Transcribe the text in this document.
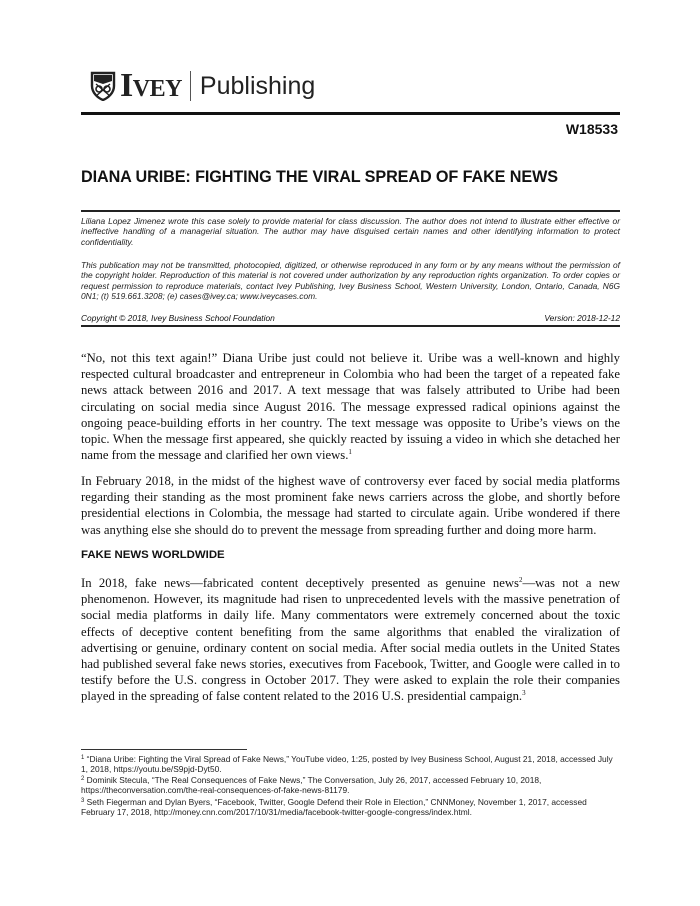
Ivey Publishing
W18533
DIANA URIBE: FIGHTING THE VIRAL SPREAD OF FAKE NEWS
Liliana Lopez Jimenez wrote this case solely to provide material for class discussion. The author does not intend to illustrate either effective or ineffective handling of a managerial situation. The author may have disguised certain names and other identifying information to protect confidentiality.
This publication may not be transmitted, photocopied, digitized, or otherwise reproduced in any form or by any means without the permission of the copyright holder. Reproduction of this material is not covered under authorization by any reproduction rights organization. To order copies or request permission to reproduce materials, contact Ivey Publishing, Ivey Business School, Western University, London, Ontario, Canada, N6G 0N1; (t) 519.661.3208; (e) cases@ivey.ca; www.iveycases.com.
Copyright © 2018, Ivey Business School Foundation	Version: 2018-12-12
“No, not this text again!” Diana Uribe just could not believe it. Uribe was a well-known and highly respected cultural broadcaster and entrepreneur in Colombia who had been the target of a repeated fake news attack between 2016 and 2017. A text message that was falsely attributed to Uribe had been circulating on social media since August 2016. The message expressed radical opinions against the ongoing peace-building efforts in her country. The text message was opposite to Uribe’s views on the topic. When the message first appeared, she quickly reacted by issuing a video in which she detached her name from the message and clarified her own views.$^1$
In February 2018, in the midst of the highest wave of controversy ever faced by social media platforms regarding their standing as the most prominent fake news carriers across the globe, and shortly before presidential elections in Colombia, the message had started to circulate again. Uribe wondered if there was anything else she should do to prevent the message from spreading further and doing more harm.
FAKE NEWS WORLDWIDE
In 2018, fake news—fabricated content deceptively presented as genuine news$^2$—was not a new phenomenon. However, its magnitude had risen to unprecedented levels with the massive penetration of social media platforms in daily life. Many commentators were extremely concerned about the toxic effects of deceptive content benefiting from the same algorithms that enabled the viralization of advertising or genuine, ordinary content on social media. After social media outlets in the United States had published several fake news stories, executives from Facebook, Twitter, and Google were called in to testify before the U.S. congress in October 2017. They were asked to explain the role their companies played in the spreading of false content related to the 2016 U.S. presidential campaign.$^3$
$^1$ “Diana Uribe: Fighting the Viral Spread of Fake News,” YouTube video, 1:25, posted by Ivey Business School, August 21, 2018, accessed July 1, 2018, https://youtu.be/S9pjd-Dyt50.
$^2$ Dominik Stecula, “The Real Consequences of Fake News,” The Conversation, July 26, 2017, accessed February 10, 2018, https://theconversation.com/the-real-consequences-of-fake-news-81179.
$^3$ Seth Fiegerman and Dylan Byers, “Facebook, Twitter, Google Defend their Role in Election,” CNNMoney, November 1, 2017, accessed February 17, 2018, http://money.cnn.com/2017/10/31/media/facebook-twitter-google-congress/index.html.
